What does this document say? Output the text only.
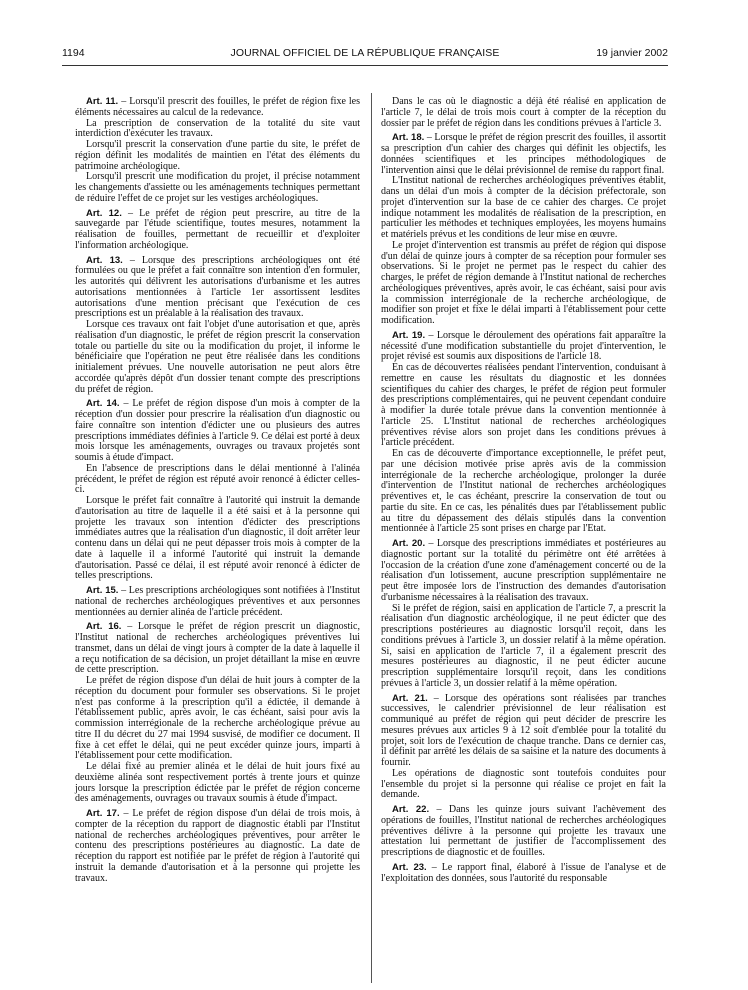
1194	JOURNAL OFFICIEL DE LA RÉPUBLIQUE FRANÇAISE	19 janvier 2002

Art. 11. – Lorsqu'il prescrit des fouilles, le préfet de région fixe les éléments nécessaires au calcul de la redevance.

La prescription de conservation de la totalité du site vaut interdiction d'exécuter les travaux.

Lorsqu'il prescrit la conservation d'une partie du site, le préfet de région définit les modalités de maintien en l'état des éléments du patrimoine archéologique.

Lorsqu'il prescrit une modification du projet, il précise notamment les changements d'assiette ou les aménagements techniques permettant de réduire l'effet de ce projet sur les vestiges archéologiques.

Art. 12. – Le préfet de région peut prescrire, au titre de la sauvegarde par l'étude scientifique, toutes mesures, notamment la réalisation de fouilles, permettant de recueillir et d'exploiter l'information archéologique.

Art. 13. – Lorsque des prescriptions archéologiques ont été formulées ou que le préfet a fait connaître son intention d'en formuler, les autorités qui délivrent les autorisations d'urbanisme et les autres autorisations mentionnées à l'article 1er assortissent lesdites autorisations d'une mention précisant que l'exécution de ces prescriptions est un préalable à la réalisation des travaux.

Lorsque ces travaux ont fait l'objet d'une autorisation et que, après réalisation d'un diagnostic, le préfet de région prescrit la conservation totale ou partielle du site ou la modification du projet, il informe le bénéficiaire que l'opération ne peut être réalisée dans les conditions initialement prévues. Une nouvelle autorisation ne peut alors être accordée qu'après dépôt d'un dossier tenant compte des prescriptions du préfet de région.

Art. 14. – Le préfet de région dispose d'un mois à compter de la réception d'un dossier pour prescrire la réalisation d'un diagnostic ou faire connaître son intention d'édicter une ou plusieurs des autres prescriptions immédiates définies à l'article 9. Ce délai est porté à deux mois lorsque les aménagements, ouvrages ou travaux projetés sont soumis à étude d'impact.

En l'absence de prescriptions dans le délai mentionné à l'alinéa précédent, le préfet de région est réputé avoir renoncé à édicter celles-ci.

Lorsque le préfet fait connaître à l'autorité qui instruit la demande d'autorisation au titre de laquelle il a été saisi et à la personne qui projette les travaux son intention d'édicter des prescriptions immédiates autres que la réalisation d'un diagnostic, il doit arrêter leur contenu dans un délai qui ne peut dépasser trois mois à compter de la date à laquelle il a informé l'autorité qui instruit la demande d'autorisation. Passé ce délai, il est réputé avoir renoncé à édicter de telles prescriptions.

Art. 15. – Les prescriptions archéologiques sont notifiées à l'Institut national de recherches archéologiques préventives et aux personnes mentionnées au dernier alinéa de l'article précédent.

Art. 16. – Lorsque le préfet de région prescrit un diagnostic, l'Institut national de recherches archéologiques préventives lui transmet, dans un délai de vingt jours à compter de la date à laquelle il a reçu notification de sa décision, un projet détaillant la mise en œuvre de cette prescription.

Le préfet de région dispose d'un délai de huit jours à compter de la réception du document pour formuler ses observations. Si le projet n'est pas conforme à la prescription qu'il a édictée, il demande à l'établissement public, après avoir, le cas échéant, saisi pour avis la commission interrégionale de la recherche archéologique prévue au titre II du décret du 27 mai 1994 susvisé, de modifier ce document. Il fixe à cet effet le délai, qui ne peut excéder quinze jours, imparti à l'établissement pour cette modification.

Le délai fixé au premier alinéa et le délai de huit jours fixé au deuxième alinéa sont respectivement portés à trente jours et quinze jours lorsque la prescription édictée par le préfet de région concerne des aménagements, ouvrages ou travaux soumis à étude d'impact.

Art. 17. – Le préfet de région dispose d'un délai de trois mois, à compter de la réception du rapport de diagnostic établi par l'Institut national de recherches archéologiques préventives, pour arrêter le contenu des prescriptions postérieures au diagnostic. La date de réception du rapport est notifiée par le préfet de région à l'autorité qui instruit la demande d'autorisation et à la personne qui projette les travaux.

Dans le cas où le diagnostic a déjà été réalisé en application de l'article 7, le délai de trois mois court à compter de la réception du dossier par le préfet de région dans les conditions prévues à l'article 3.

Art. 18. – Lorsque le préfet de région prescrit des fouilles, il assortit sa prescription d'un cahier des charges qui définit les objectifs, les données scientifiques et les principes méthodologiques de l'intervention ainsi que le délai prévisionnel de remise du rapport final.

L'Institut national de recherches archéologiques préventives établit, dans un délai d'un mois à compter de la décision préfectorale, son projet d'intervention sur la base de ce cahier des charges. Ce projet indique notamment les modalités de réalisation de la prescription, en particulier les méthodes et techniques employées, les moyens humains et matériels prévus et les conditions de leur mise en œuvre.

Le projet d'intervention est transmis au préfet de région qui dispose d'un délai de quinze jours à compter de sa réception pour formuler ses observations. Si le projet ne permet pas le respect du cahier des charges, le préfet de région demande à l'Institut national de recherches archéologiques préventives, après avoir, le cas échéant, saisi pour avis la commission interrégionale de la recherche archéologique, de modifier son projet et fixe le délai imparti à l'établissement pour cette modification.

Art. 19. – Lorsque le déroulement des opérations fait apparaître la nécessité d'une modification substantielle du projet d'intervention, le projet révisé est soumis aux dispositions de l'article 18.

En cas de découvertes réalisées pendant l'intervention, conduisant à remettre en cause les résultats du diagnostic et les données scientifiques du cahier des charges, le préfet de région peut formuler des prescriptions complémentaires, qui ne peuvent cependant conduire à modifier la durée totale prévue dans la convention mentionnée à l'article 25. L'Institut national de recherches archéologiques préventives révise alors son projet dans les conditions prévues à l'article précédent.

En cas de découverte d'importance exceptionnelle, le préfet peut, par une décision motivée prise après avis de la commission interrégionale de la recherche archéologique, prolonger la durée d'intervention de l'Institut national de recherches archéologiques préventives et, le cas échéant, prescrire la conservation de tout ou partie du site. En ce cas, les pénalités dues par l'établissement public au titre du dépassement des délais stipulés dans la convention mentionnée à l'article 25 sont prises en charge par l'Etat.

Art. 20. – Lorsque des prescriptions immédiates et postérieures au diagnostic portant sur la totalité du périmètre ont été arrêtées à l'occasion de la création d'une zone d'aménagement concerté ou de la réalisation d'un lotissement, aucune prescription supplémentaire ne peut être imposée lors de l'instruction des demandes d'autorisation d'urbanisme nécessaires à la réalisation des travaux.

Si le préfet de région, saisi en application de l'article 7, a prescrit la réalisation d'un diagnostic archéologique, il ne peut édicter que des prescriptions postérieures au diagnostic lorsqu'il reçoit, dans les conditions prévues à l'article 3, un dossier relatif à la même opération. Si, saisi en application de l'article 7, il a également prescrit des mesures postérieures au diagnostic, il ne peut édicter aucune prescription supplémentaire lorsqu'il reçoit, dans les conditions prévues à l'article 3, un dossier relatif à la même opération.

Art. 21. – Lorsque des opérations sont réalisées par tranches successives, le calendrier prévisionnel de leur réalisation est communiqué au préfet de région qui peut décider de prescrire les mesures prévues aux articles 9 à 12 soit d'emblée pour la totalité du projet, soit lors de l'exécution de chaque tranche. Dans ce dernier cas, il définit par arrêté les délais de sa saisine et la nature des documents à fournir.

Les opérations de diagnostic sont toutefois conduites pour l'ensemble du projet si la personne qui réalise ce projet en fait la demande.

Art. 22. – Dans les quinze jours suivant l'achèvement des opérations de fouilles, l'Institut national de recherches archéologiques préventives délivre à la personne qui projette les travaux une attestation lui permettant de justifier de l'accomplissement des prescriptions de diagnostic et de fouilles.

Art. 23. – Le rapport final, élaboré à l'issue de l'analyse et de l'exploitation des données, sous l'autorité du responsable
